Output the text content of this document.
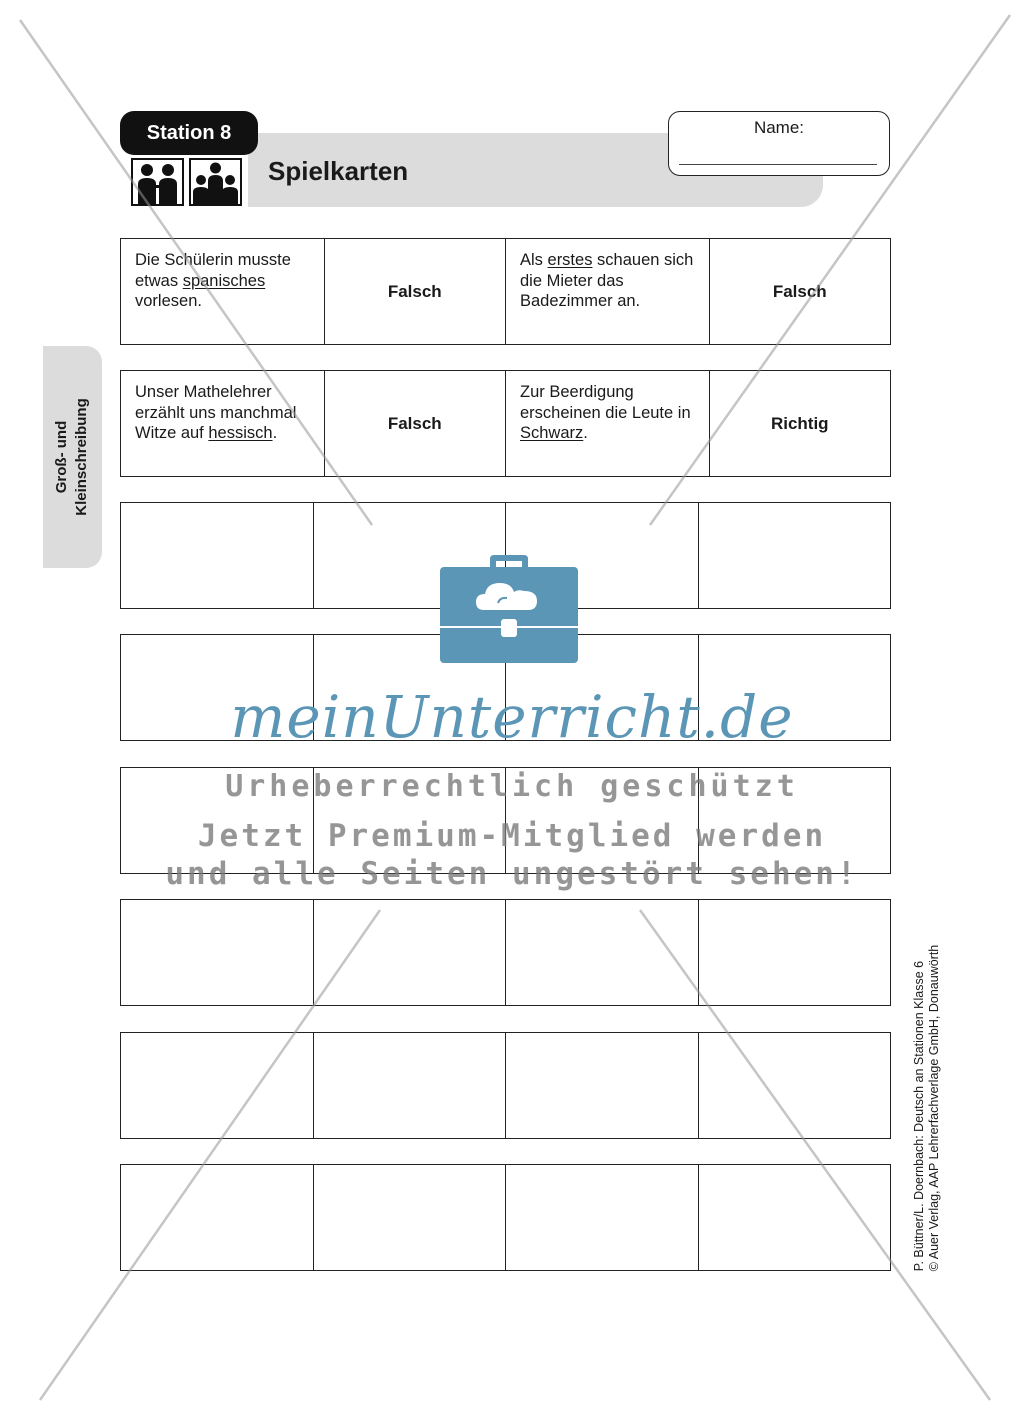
Station 8
Spielkarten
Name:
Groß- und Kleinschreibung
Die Schülerin musste etwas spanisches vorlesen.
Falsch
Als erstes schauen sich die Mieter das Badezimmer an.
Falsch
Unser Mathelehrer erzählt uns manchmal Witze auf hessisch.
Falsch
Zur Beerdigung erscheinen die Leute in Schwarz.
Richtig
P. Büttner/L. Doernbach: Deutsch an Stationen Klasse 6 © Auer Verlag, AAP Lehrerfachverlage GmbH, Donauwörth
meinUnterricht.de
Urheberrechtlich geschützt
Jetzt Premium-Mitglied werden
und alle Seiten ungestört sehen!
